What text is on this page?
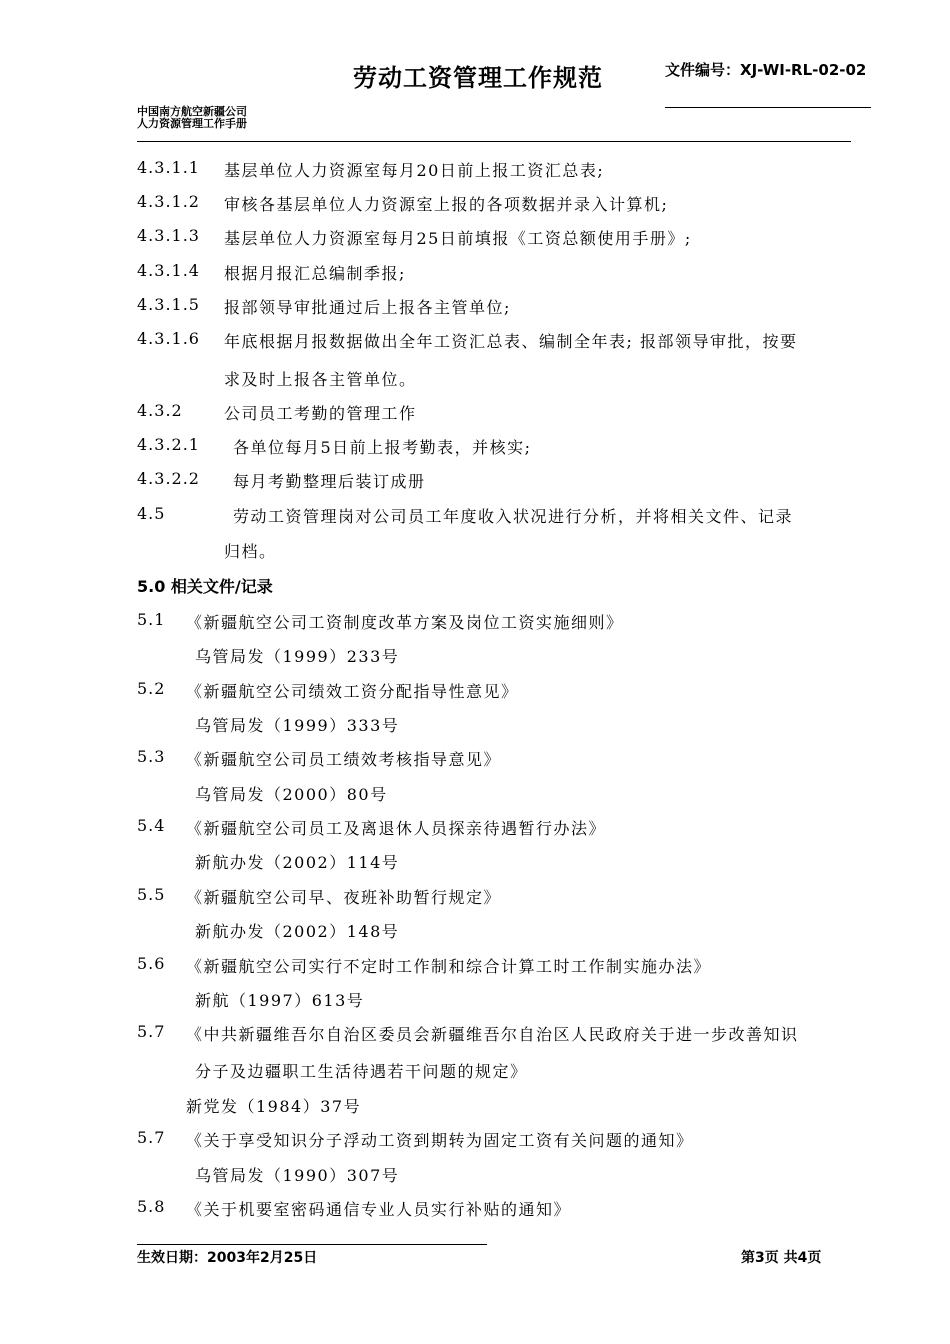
劳动工资管理工作规范	文件编号：XJ-WI-RL-02-02
中国南方航空新疆公司
人力资源管理工作手册
4.3.1.1 基层单位人力资源室每月20日前上报工资汇总表;
4.3.1.2 审核各基层单位人力资源室上报的各项数据并录入计算机;
4.3.1.3 基层单位人力资源室每月25日前填报《工资总额使用手册》;
4.3.1.4 根据月报汇总编制季报;
4.3.1.5 报部领导审批通过后上报各主管单位;
4.3.1.6 年底根据月报数据做出全年工资汇总表、编制全年表; 报部领导审批，按要
求及时上报各主管单位。
4.3.2	公司员工考勤的管理工作
4.3.2.1 各单位每月5日前上报考勤表，并核实;
4.3.2.2 每月考勤整理后装订成册
4.5	劳动工资管理岗对公司员工年度收入状况进行分析，并将相关文件、记录
归档。
5.0 相关文件/记录
5.1 《新疆航空公司工资制度改革方案及岗位工资实施细则》
乌管局发（1999）233号
5.2 《新疆航空公司绩效工资分配指导性意见》
乌管局发（1999）333号
5.3 《新疆航空公司员工绩效考核指导意见》
乌管局发（2000）80号
5.4 《新疆航空公司员工及离退休人员探亲待遇暂行办法》
新航办发（2002）114号
5.5 《新疆航空公司早、夜班补助暂行规定》
新航办发（2002）148号
5.6 《新疆航空公司实行不定时工作制和综合计算工时工作制实施办法》
新航（1997）613号
5.7 《中共新疆维吾尔自治区委员会新疆维吾尔自治区人民政府关于进一步改善知识
分子及边疆职工生活待遇若干问题的规定》
新党发（1984）37号
5.7 《关于享受知识分子浮动工资到期转为固定工资有关问题的通知》
乌管局发（1990）307号
5.8 《关于机要室密码通信专业人员实行补贴的通知》
生效日期：2003年2月25日	第3页 共4页
